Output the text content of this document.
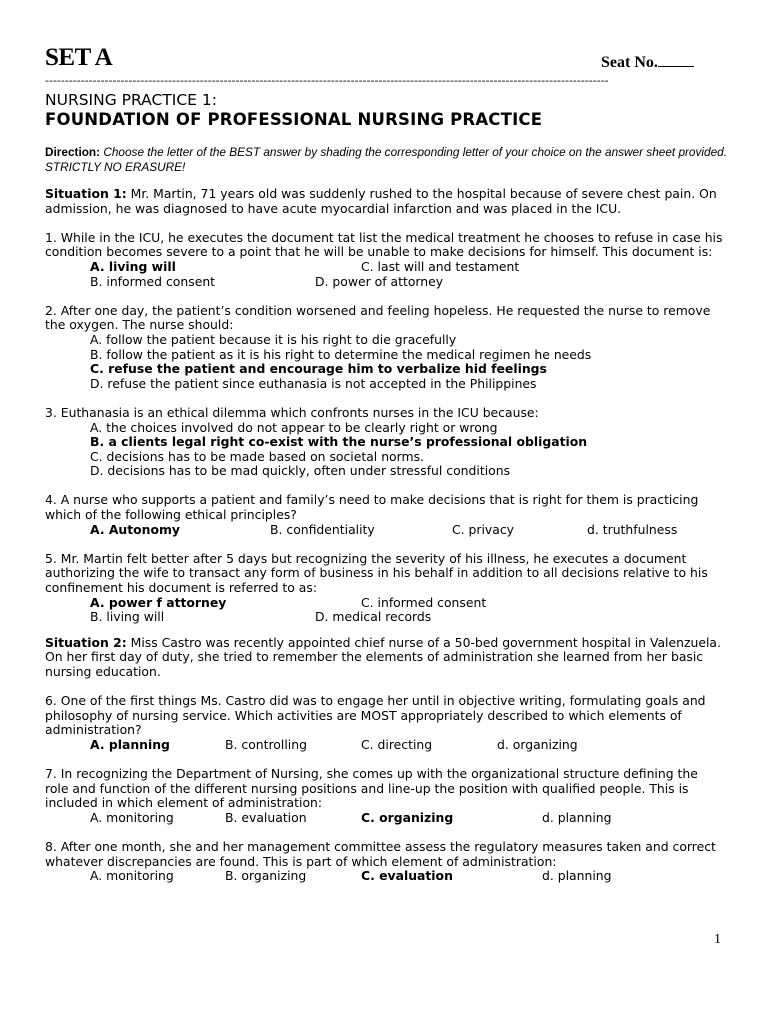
SET A	Seat No.
----------------------------------------------------------------------------------------------------------------------------------------------
NURSING PRACTICE 1:
FOUNDATION OF PROFESSIONAL NURSING PRACTICE
Direction: Choose the letter of the BEST answer by shading the corresponding letter of your choice on the answer sheet provided. STRICTLY NO ERASURE!

Situation 1: Mr. Martin, 71 years old was suddenly rushed to the hospital because of severe chest pain. On admission, he was diagnosed to have acute myocardial infarction and was placed in the ICU.

1. While in the ICU, he executes the document tat list the medical treatment he chooses to refuse in case his condition becomes severe to a point that he will be unable to make decisions for himself. This document is:

A. living will	C. last will and testament
B. informed consent	D. power of attorney

2. After one day, the patient’s condition worsened and feeling hopeless. He requested the nurse to remove the oxygen. The nurse should:

A. follow the patient because it is his right to die gracefully

B. follow the patient as it is his right to determine the medical regimen he needs

C. refuse the patient and encourage him to verbalize hid feelings

D. refuse the patient since euthanasia is not accepted in the Philippines

3. Euthanasia is an ethical dilemma which confronts nurses in the ICU because:

A. the choices involved do not appear to be clearly right or wrong

B. a clients legal right co-exist with the nurse’s professional obligation

C. decisions has to be made based on societal norms.

D. decisions has to be mad quickly, often under stressful conditions

4. A nurse who supports a patient and family’s need to make decisions that is right for them is practicing which of the following ethical principles?

A. Autonomy	B. confidentiality	C. privacy	d. truthfulness

5. Mr. Martin felt better after 5 days but recognizing the severity of his illness, he executes a document authorizing the wife to transact any form of business in his behalf in addition to all decisions relative to his confinement his document is referred to as:

A. power f attorney	C. informed consent
B. living will	D. medical records

Situation 2: Miss Castro was recently appointed chief nurse of a 50-bed government hospital in Valenzuela. On her first day of duty, she tried to remember the elements of administration she learned from her basic nursing education.

6. One of the first things Ms. Castro did was to engage her until in objective writing, formulating goals and philosophy of nursing service. Which activities are MOST appropriately described to which elements of administration?

A. planning	B. controlling	C. directing	d. organizing

7. In recognizing the Department of Nursing, she comes up with the organizational structure defining the role and function of the different nursing positions and line-up the position with qualified people. This is included in which element of administration:

A. monitoring	B. evaluation	C. organizing	d. planning

8. After one month, she and her management committee assess the regulatory measures taken and correct whatever discrepancies are found. This is part of which element of administration:

A. monitoring	B. organizing	C. evaluation	d. planning
1
